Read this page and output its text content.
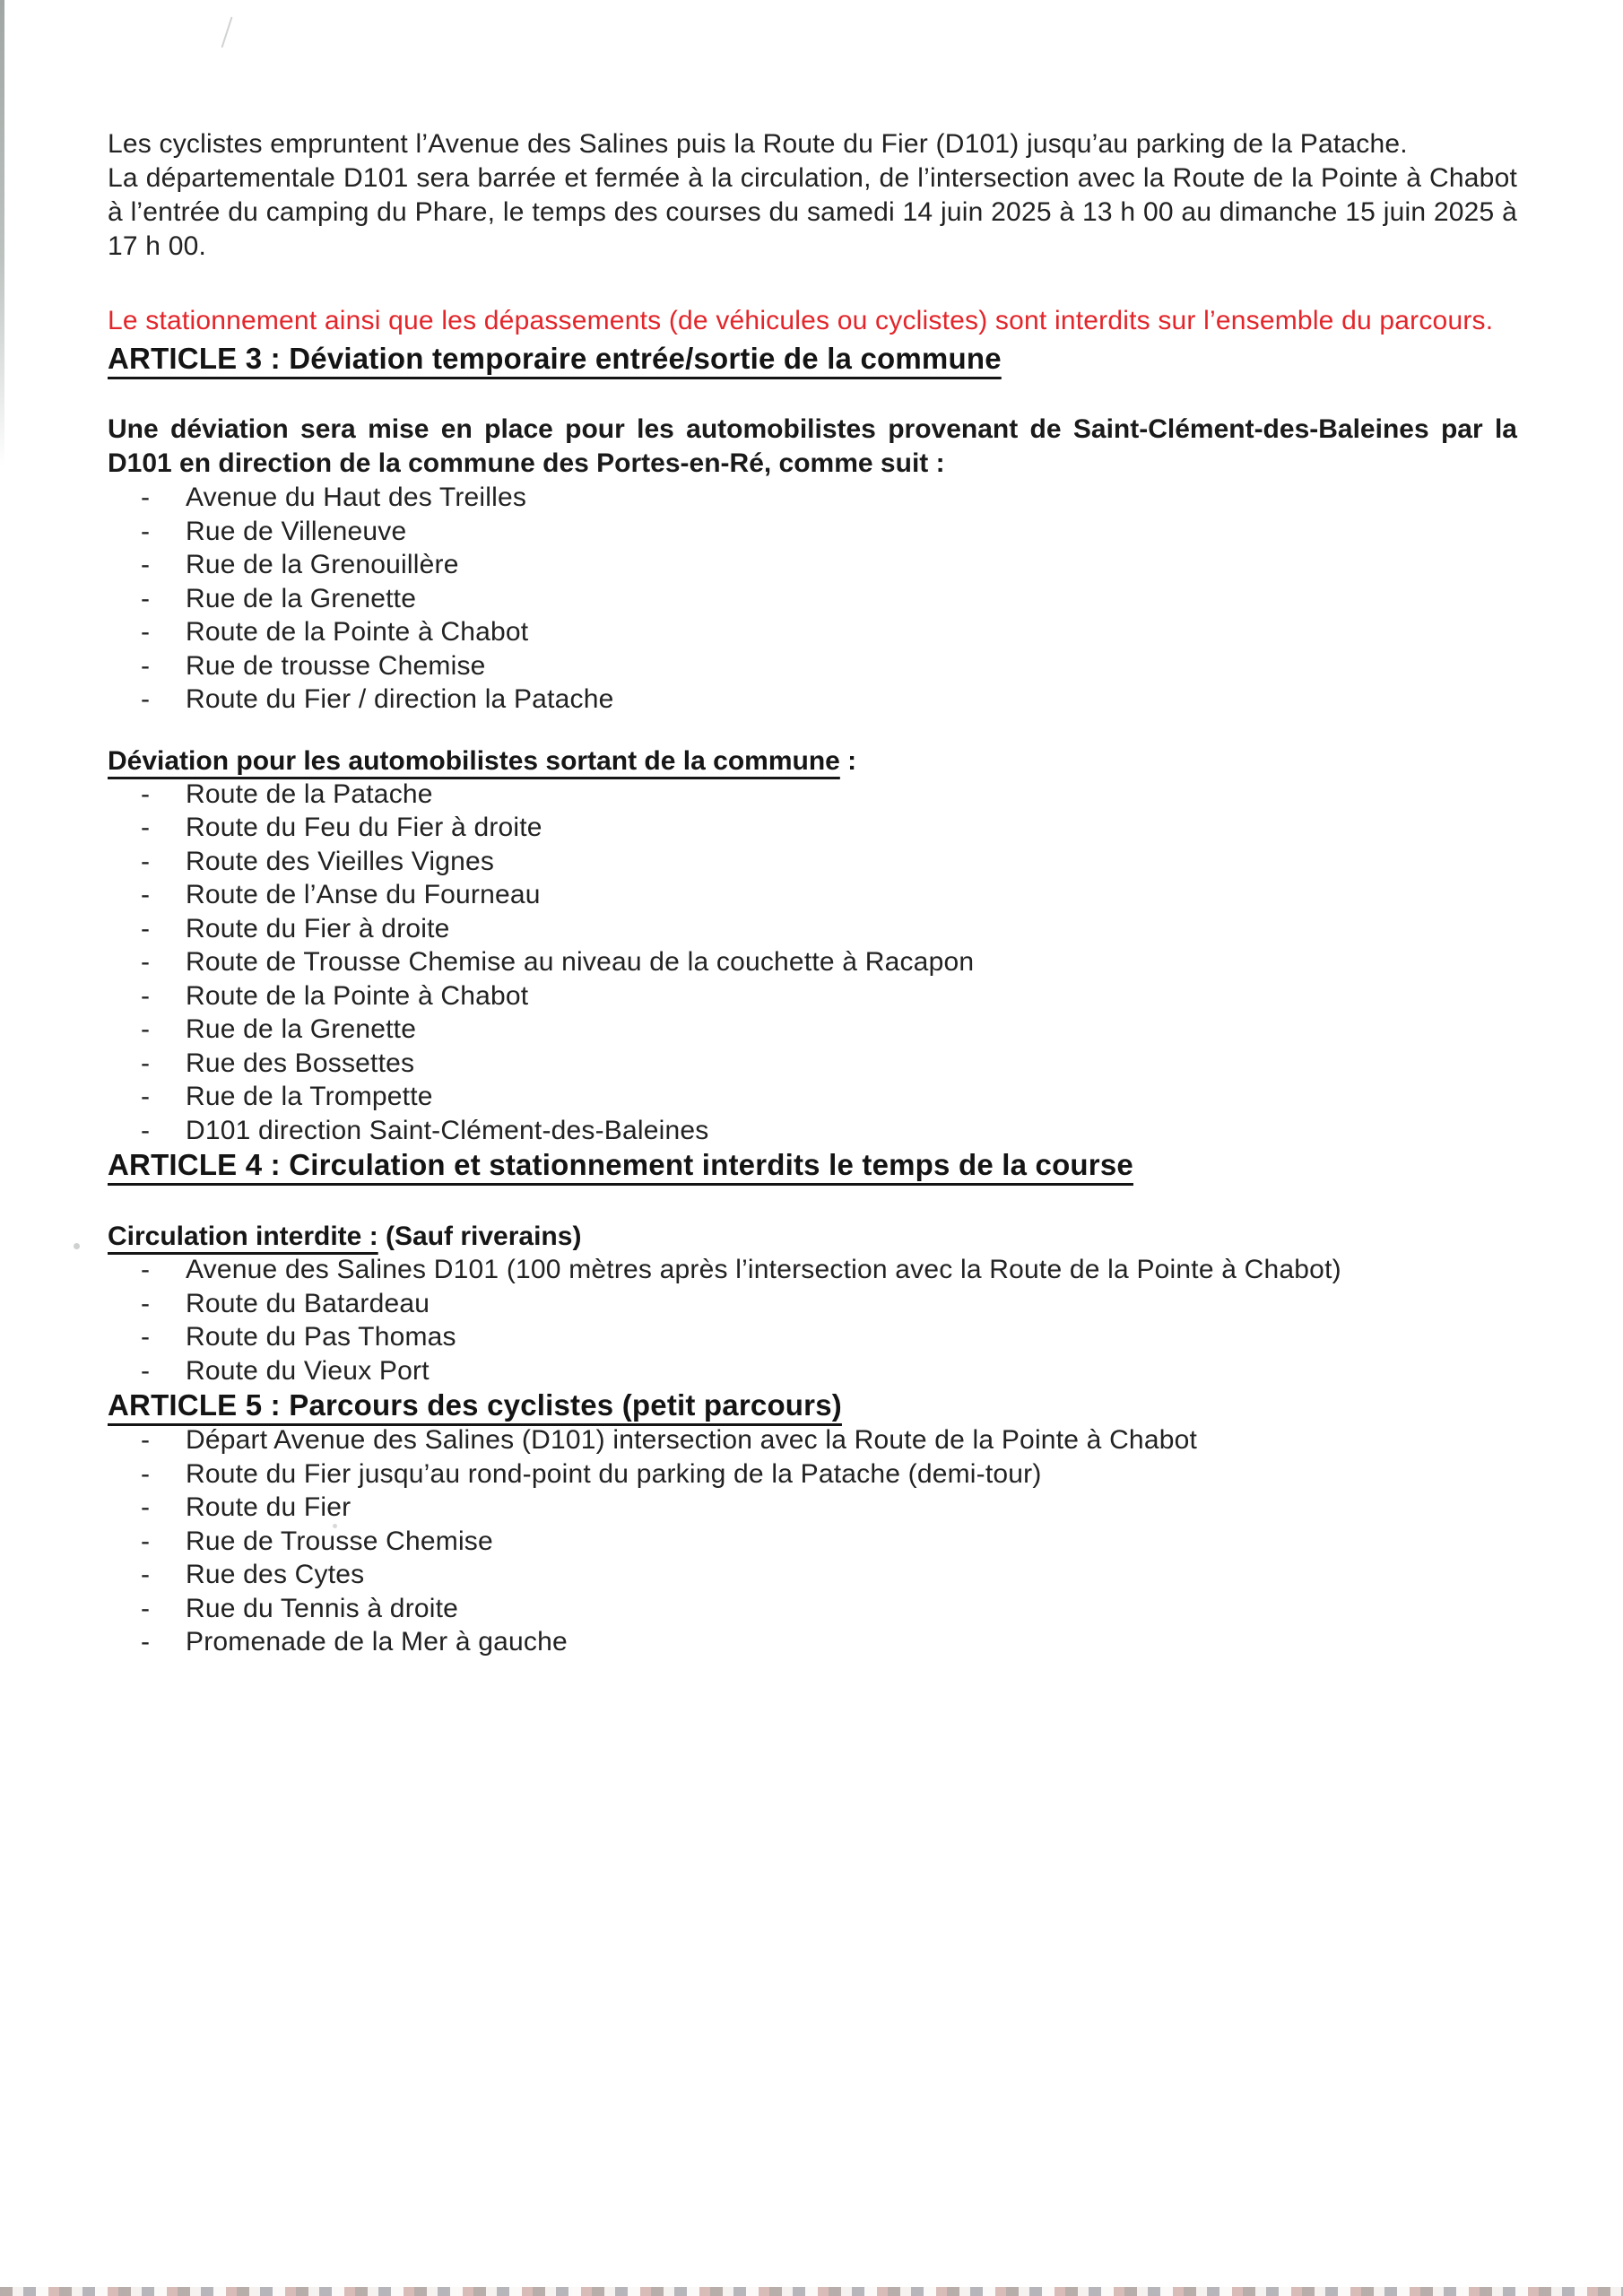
Les cyclistes empruntent l’Avenue des Salines puis la Route du Fier (D101) jusqu’au parking de la Patache.

La départementale D101 sera barrée et fermée à la circulation, de l’intersection avec la Route de la Pointe à Chabot à l’entrée du camping du Phare, le temps des courses du samedi 14 juin 2025 à 13 h 00 au dimanche 15 juin 2025 à 17 h 00.

Le stationnement ainsi que les dépassements (de véhicules ou cyclistes) sont interdits sur l’ensemble du parcours.

ARTICLE 3 : Déviation temporaire entrée/sortie de la commune

Une déviation sera mise en place pour les automobilistes provenant de Saint-Clément-des-Baleines par la D101 en direction de la commune des Portes-en-Ré, comme suit :

-	Avenue du Haut des Treilles
-	Rue de Villeneuve
-	Rue de la Grenouillère
-	Rue de la Grenette
-	Route de la Pointe à Chabot
-	Rue de trousse Chemise
-	Route du Fier / direction la Patache

Déviation pour les automobilistes sortant de la commune :

-	Route de la Patache
-	Route du Feu du Fier à droite
-	Route des Vieilles Vignes
-	Route de l’Anse du Fourneau
-	Route du Fier à droite
-	Route de Trousse Chemise au niveau de la couchette à Racapon
-	Route de la Pointe à Chabot
-	Rue de la Grenette
-	Rue des Bossettes
-	Rue de la Trompette
-	D101 direction Saint-Clément-des-Baleines
ARTICLE 4 : Circulation et stationnement interdits le temps de la course

Circulation interdite : (Sauf riverains)

-	Avenue des Salines D101 (100 mètres après l’intersection avec la Route de la Pointe à Chabot)
-	Route du Batardeau
-	Route du Pas Thomas
-	Route du Vieux Port
ARTICLE 5 : Parcours des cyclistes (petit parcours)
-	Départ Avenue des Salines (D101) intersection avec la Route de la Pointe à Chabot
-	Route du Fier jusqu’au rond-point du parking de la Patache (demi-tour)
-	Route du Fier
-	Rue de Trousse Chemise
-	Rue des Cytes
-	Rue du Tennis à droite
-	Promenade de la Mer à gauche
